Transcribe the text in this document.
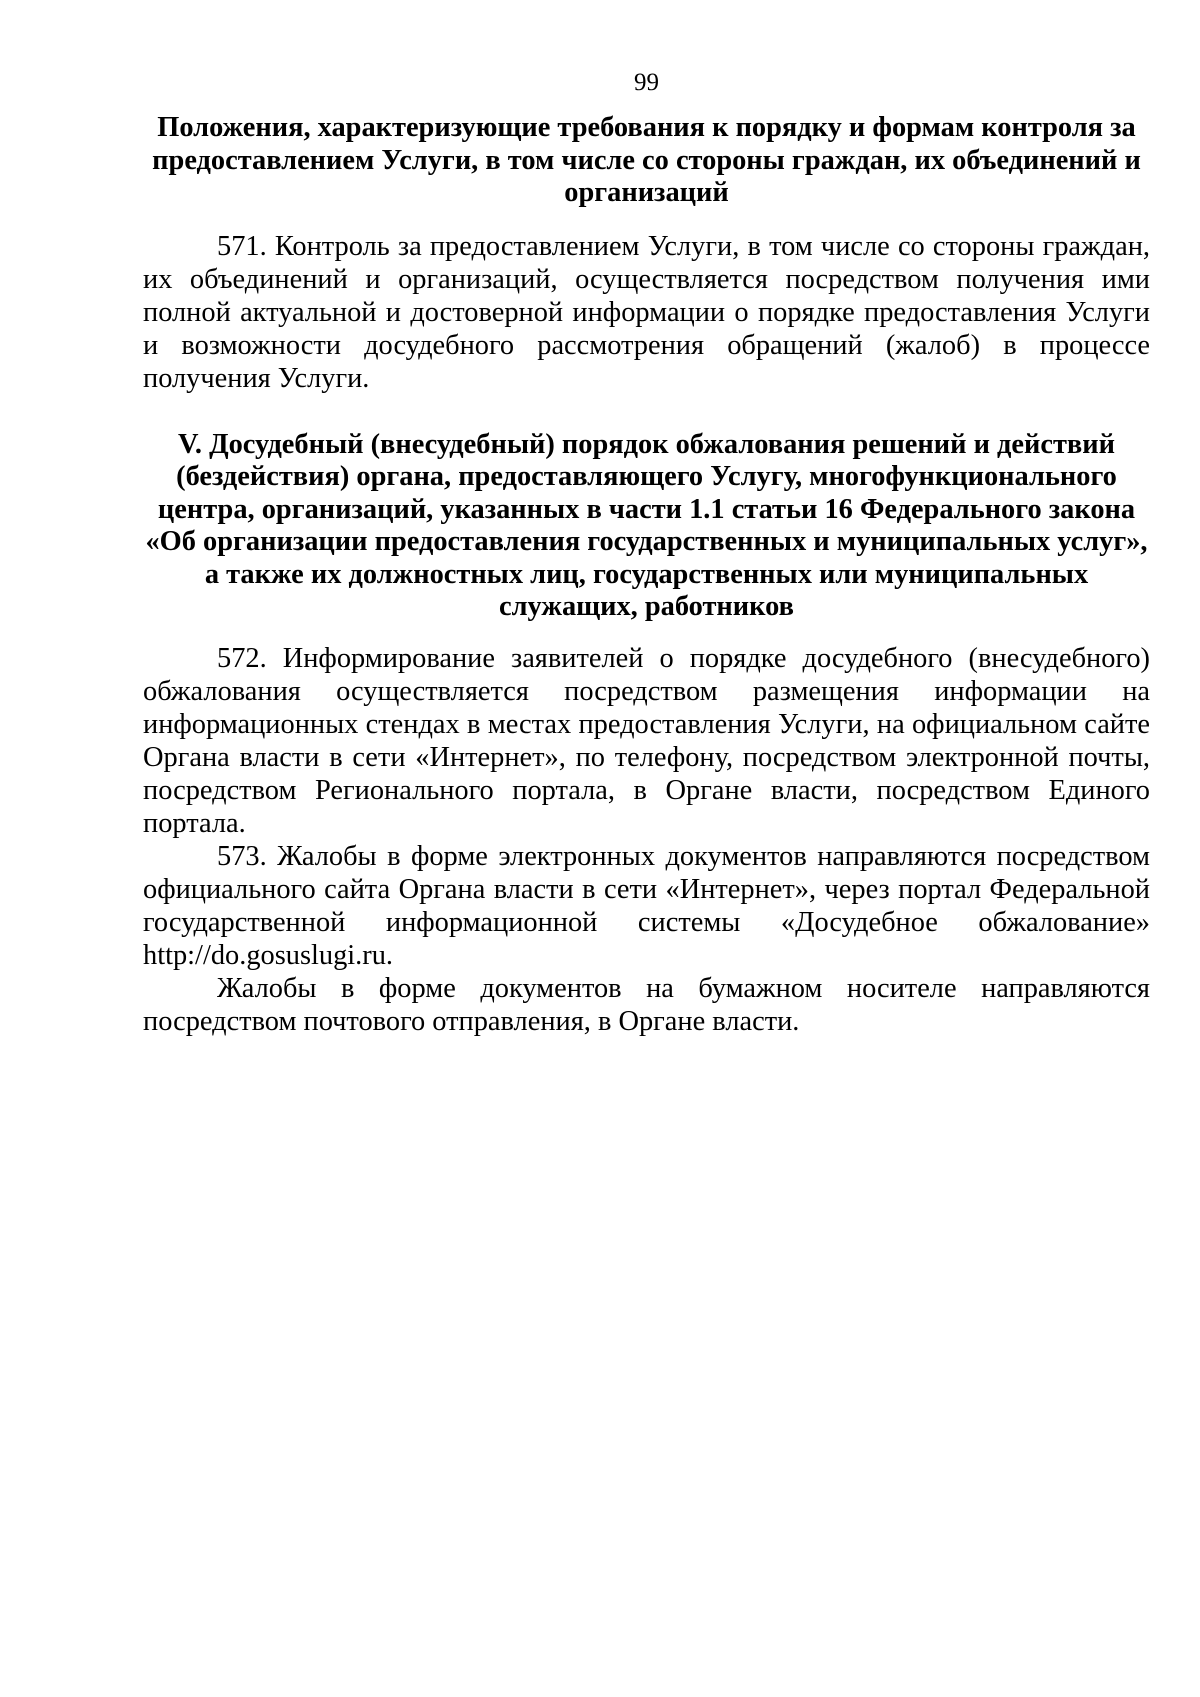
99
Положения, характеризующие требования к порядку и формам контроля за предоставлением Услуги, в том числе со стороны граждан, их объединений и организаций

571. Контроль за предоставлением Услуги, в том числе со стороны граждан, их объединений и организаций, осуществляется посредством получения ими полной актуальной и достоверной информации о порядке предоставления Услуги и возможности досудебного рассмотрения обращений (жалоб) в процессе получения Услуги.

V. Досудебный (внесудебный) порядок обжалования решений и действий (бездействия) органа, предоставляющего Услугу, многофункционального центра, организаций, указанных в части 1.1 статьи 16 Федерального закона «Об организации предоставления государственных и муниципальных услуг», а также их должностных лиц, государственных или муниципальных служащих, работников

572. Информирование заявителей о порядке досудебного (внесудебного) обжалования осуществляется посредством размещения информации на информационных стендах в местах предоставления Услуги, на официальном сайте Органа власти в сети «Интернет», по телефону, посредством электронной почты, посредством Регионального портала, в Органе власти, посредством Единого портала.

573. Жалобы в форме электронных документов направляются посредством официального сайта Органа власти в сети «Интернет», через портал Федеральной государственной информационной системы «Досудебное обжалование» http://do.gosuslugi.ru.

Жалобы в форме документов на бумажном носителе направляются посредством почтового отправления, в Органе власти.
